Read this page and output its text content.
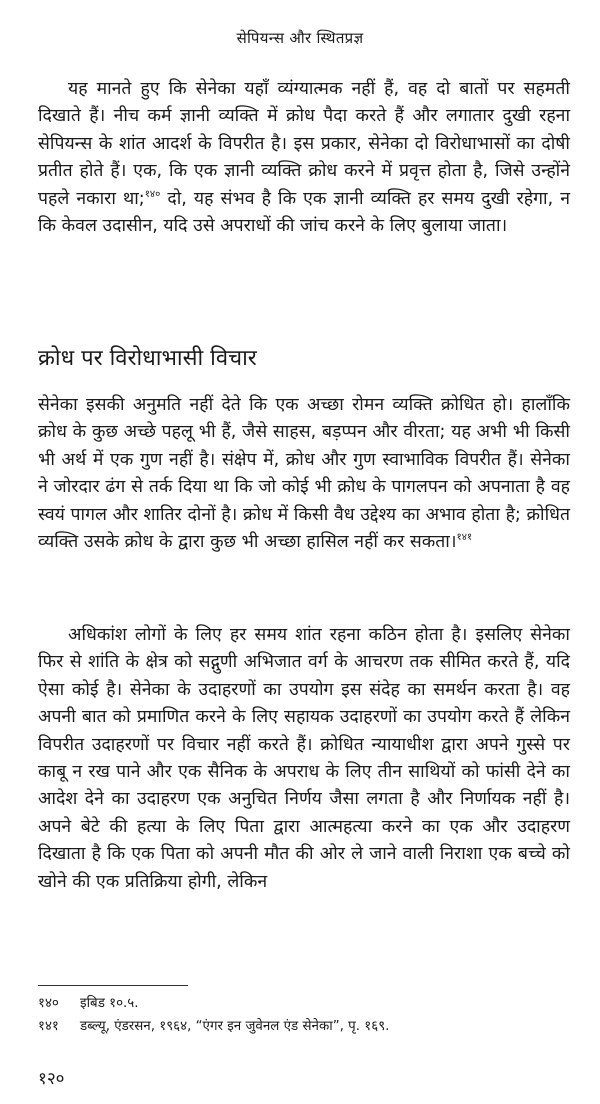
सेपियन्स और स्थितप्रज्ञ

यह मानते हुए कि सेनेका यहाँ व्यंग्यात्मक नहीं हैं, वह दो बातों पर सहमती दिखाते हैं। नीच कर्म ज्ञानी व्यक्ति में क्रोध पैदा करते हैं और लगातार दुखी रहना सेपियन्स के शांत आदर्श के विपरीत है। इस प्रकार, सेनेका दो विरोधाभासों का दोषी प्रतीत होते हैं। एक, कि एक ज्ञानी व्यक्ति क्रोध करने में प्रवृत्त होता है, जिसे उन्होंने पहले नकारा था;$^{१४०}$ दो, यह संभव है कि एक ज्ञानी व्यक्ति हर समय दुखी रहेगा, न कि केवल उदासीन, यदि उसे अपराधों की जांच करने के लिए बुलाया जाता।

क्रोध पर विरोधाभासी विचार

सेनेका इसकी अनुमति नहीं देते कि एक अच्छा रोमन व्यक्ति क्रोधित हो। हालाँकि क्रोध के कुछ अच्छे पहलू भी हैं, जैसे साहस, बड़प्पन और वीरता; यह अभी भी किसी भी अर्थ में एक गुण नहीं है। संक्षेप में, क्रोध और गुण स्वाभाविक विपरीत हैं। सेनेका ने जोरदार ढंग से तर्क दिया था कि जो कोई भी क्रोध के पागलपन को अपनाता है वह स्वयं पागल और शातिर दोनों है। क्रोध में किसी वैध उद्देश्य का अभाव होता है; क्रोधित व्यक्ति उसके क्रोध के द्वारा कुछ भी अच्छा हासिल नहीं कर सकता।$^{१४१}$

अधिकांश लोगों के लिए हर समय शांत रहना कठिन होता है। इसलिए सेनेका फिर से शांति के क्षेत्र को सद्गुणी अभिजात वर्ग के आचरण तक सीमित करते हैं, यदि ऐसा कोई है। सेनेका के उदाहरणों का उपयोग इस संदेह का समर्थन करता है। वह अपनी बात को प्रमाणित करने के लिए सहायक उदाहरणों का उपयोग करते हैं लेकिन विपरीत उदाहरणों पर विचार नहीं करते हैं। क्रोधित न्यायाधीश द्वारा अपने गुस्से पर काबू न रख पाने और एक सैनिक के अपराध के लिए तीन साथियों को फांसी देने का आदेश देने का उदाहरण एक अनुचित निर्णय जैसा लगता है और निर्णायक नहीं है। अपने बेटे की हत्या के लिए पिता द्वारा आत्महत्या करने का एक और उदाहरण दिखाता है कि एक पिता को अपनी मौत की ओर ले जाने वाली निराशा एक बच्चे को खोने की एक प्रतिक्रिया होगी, लेकिन

१४० इबिड १०.५.
१४१ डब्ल्यू, एंडरसन, १९६४, “एंगर इन जुवेनल एंड सेनेका”, पृ. १६९.
१२०
